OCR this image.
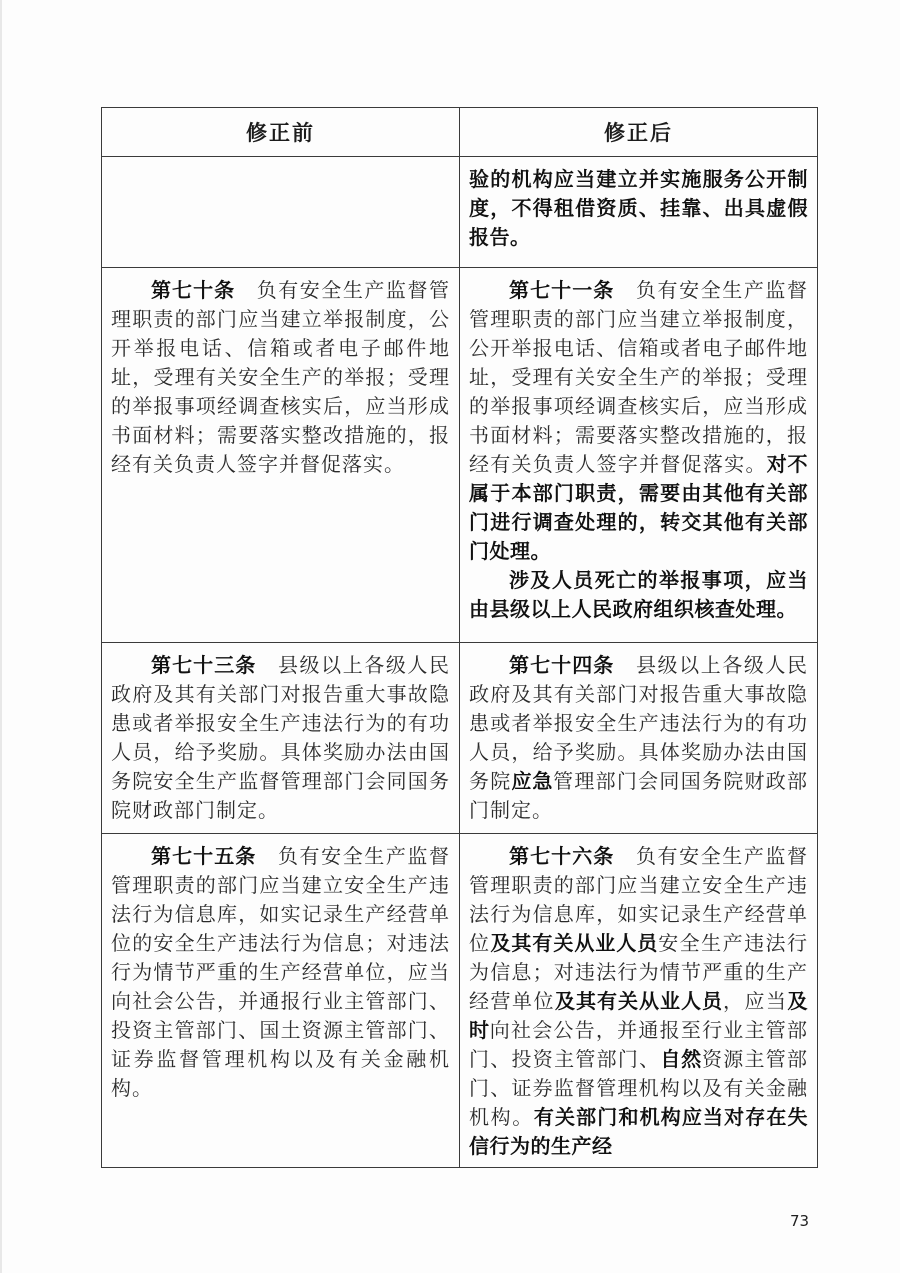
修正前	修正后

	验的机构应当建立并实施服务公开制度，不得租借资质、挂靠、出具虚假报告。

第七十条　负有安全生产监督管理职责的部门应当建立举报制度，公开举报电话、信箱或者电子邮件地址，受理有关安全生产的举报；受理的举报事项经调查核实后，应当形成书面材料；需要落实整改措施的，报经有关负责人签字并督促落实。	第七十一条　负有安全生产监督管理职责的部门应当建立举报制度，公开举报电话、信箱或者电子邮件地址，受理有关安全生产的举报；受理的举报事项经调查核实后，应当形成书面材料；需要落实整改措施的，报经有关负责人签字并督促落实。对不属于本部门职责，需要由其他有关部门进行调查处理的，转交其他有关部门处理。

涉及人员死亡的举报事项，应当由县级以上人民政府组织核查处理。

第七十三条　县级以上各级人民政府及其有关部门对报告重大事故隐患或者举报安全生产违法行为的有功人员，给予奖励。具体奖励办法由国务院安全生产监督管理部门会同国务院财政部门制定。	第七十四条　县级以上各级人民政府及其有关部门对报告重大事故隐患或者举报安全生产违法行为的有功人员，给予奖励。具体奖励办法由国务院应急管理部门会同国务院财政部门制定。

第七十五条　负有安全生产监督管理职责的部门应当建立安全生产违法行为信息库，如实记录生产经营单位的安全生产违法行为信息；对违法行为情节严重的生产经营单位，应当向社会公告，并通报行业主管部门、投资主管部门、国土资源主管部门、证券监督管理机构以及有关金融机构。	第七十六条　负有安全生产监督管理职责的部门应当建立安全生产违法行为信息库，如实记录生产经营单位及其有关从业人员安全生产违法行为信息；对违法行为情节严重的生产经营单位及其有关从业人员，应当及时向社会公告，并通报至行业主管部门、投资主管部门、自然资源主管部门、证券监督管理机构以及有关金融机构。有关部门和机构应当对存在失信行为的生产经

73
